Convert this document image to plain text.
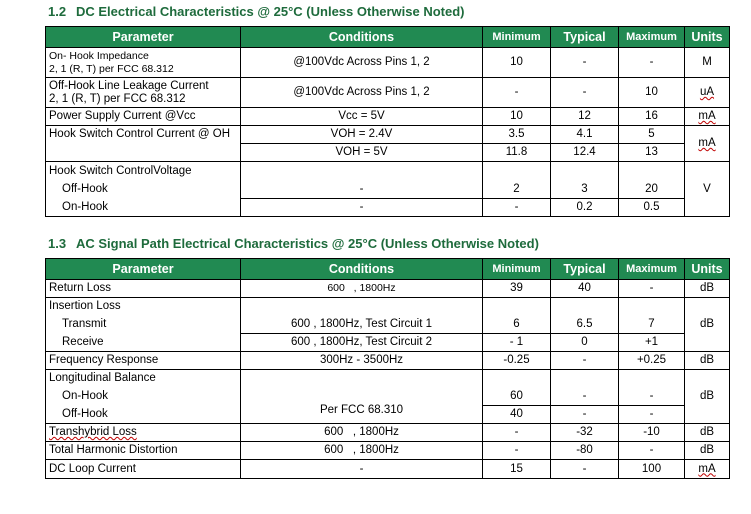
1.2 DC Electrical Characteristics @ 25°C (Unless Otherwise Noted)
Parameter	Conditions	Minimum	Typical	Maximum	Units

On- Hook Impedance
2, 1 (R, T) per FCC 68.312	@100Vdc Across Pins 1, 2	10	-	-	M

Off-Hook Line Leakage Current
2, 1 (R, T) per FCC 68.312	@100Vdc Across Pins 1, 2	-	-	10	uA
Power Supply Current @Vcc	Vcc = 5V	10	12	16	mA
Hook Switch Control Current @ OH	VOH = 2.4V	3.5	4.1	5	mA
	VOH = 5V	11.8	12.4	13	
Hook Switch ControlVoltage					V
Off-Hook	-	2	3	20	
On-Hook	-	-	0.2	0.5	
1.3 AC Signal Path Electrical Characteristics @ 25°C (Unless Otherwise Noted)
Parameter	Conditions	Minimum	Typical	Maximum	Units
Return Loss	600   , 1800Hz	39	40	-	dB
Insertion Loss					dB
Transmit	600 , 1800Hz, Test Circuit 1	6	6.5	7	
Receive	600 , 1800Hz, Test Circuit 2	- 1	0	+1	
Frequency Response	300Hz - 3500Hz	-0.25	-	+0.25	dB
Longitudinal Balance	Per FCC 68.310				dB
On-Hook		60	-	-	
Off-Hook		40	-	-	
Transhybrid Loss	600   , 1800Hz	-	-32	-10	dB
Total Harmonic Distortion	600   , 1800Hz	-	-80	-	dB
DC Loop Current	-	15	-	100	mA
